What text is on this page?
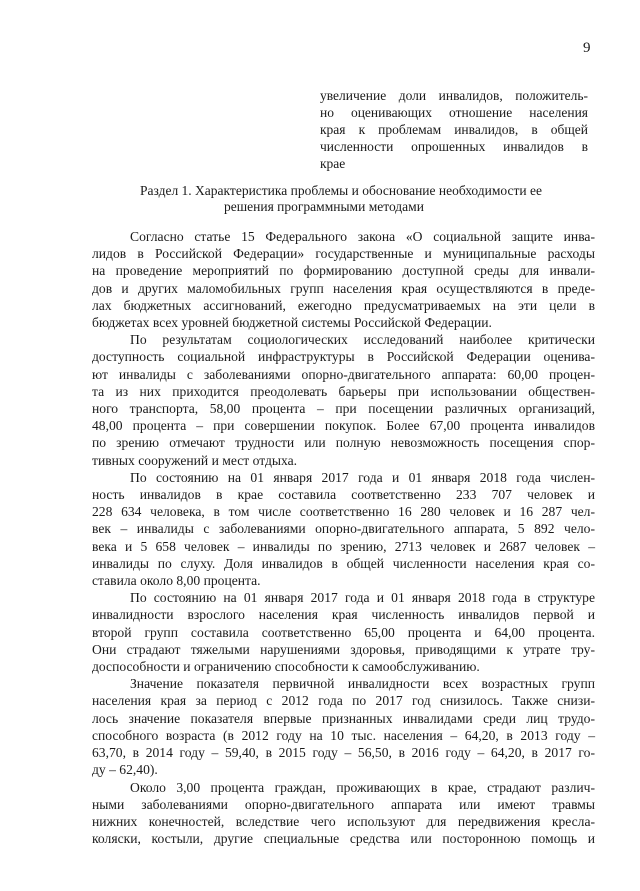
9
увеличение доли инвалидов, положитель-
но оценивающих отношение населения
края к проблемам инвалидов, в общей
численности опрошенных инвалидов в
крае
Раздел 1. Характеристика проблемы и обоснование необходимости ее
решения программными методами
Согласно статье 15 Федерального закона «О социальной защите инва-
лидов в Российской Федерации» государственные и муниципальные расходы
на проведение мероприятий по формированию доступной среды для инвали-
дов и других маломобильных групп населения края осуществляются в преде-
лах бюджетных ассигнований, ежегодно предусматриваемых на эти цели в
бюджетах всех уровней бюджетной системы Российской Федерации.
По результатам социологических исследований наиболее критически
доступность социальной инфраструктуры в Российской Федерации оценива-
ют инвалиды с заболеваниями опорно-двигательного аппарата: 60,00 процен-
та из них приходится преодолевать барьеры при использовании обществен-
ного транспорта, 58,00 процента – при посещении различных организаций,
48,00 процента – при совершении покупок. Более 67,00 процента инвалидов
по зрению отмечают трудности или полную невозможность посещения спор-
тивных сооружений и мест отдыха.
По состоянию на 01 января 2017 года и 01 января 2018 года числен-
ность инвалидов в крае составила соответственно 233 707 человек и
228 634 человека, в том числе соответственно 16 280 человек и 16 287 чел-
век – инвалиды с заболеваниями опорно-двигательного аппарата, 5 892 чело-
века и 5 658 человек – инвалиды по зрению, 2713 человек и 2687 человек –
инвалиды по слуху. Доля инвалидов в общей численности населения края со-
ставила около 8,00 процента.
По состоянию на 01 января 2017 года и 01 января 2018 года в структуре
инвалидности взрослого населения края численность инвалидов первой и
второй групп составила соответственно 65,00 процента и 64,00 процента.
Они страдают тяжелыми нарушениями здоровья, приводящими к утрате тру-
доспособности и ограничению способности к самообслуживанию.
Значение показателя первичной инвалидности всех возрастных групп
населения края за период с 2012 года по 2017 год снизилось. Также снизи-
лось значение показателя впервые признанных инвалидами среди лиц трудо-
способного возраста (в 2012 году на 10 тыс. населения – 64,20, в 2013 году –
63,70, в 2014 году – 59,40, в 2015 году – 56,50, в 2016 году – 64,20, в 2017 го-
ду – 62,40).
Около 3,00 процента граждан, проживающих в крае, страдают различ-
ными заболеваниями опорно-двигательного аппарата или имеют травмы
нижних конечностей, вследствие чего используют для передвижения кресла-
коляски, костыли, другие специальные средства или посторонною помощь и
